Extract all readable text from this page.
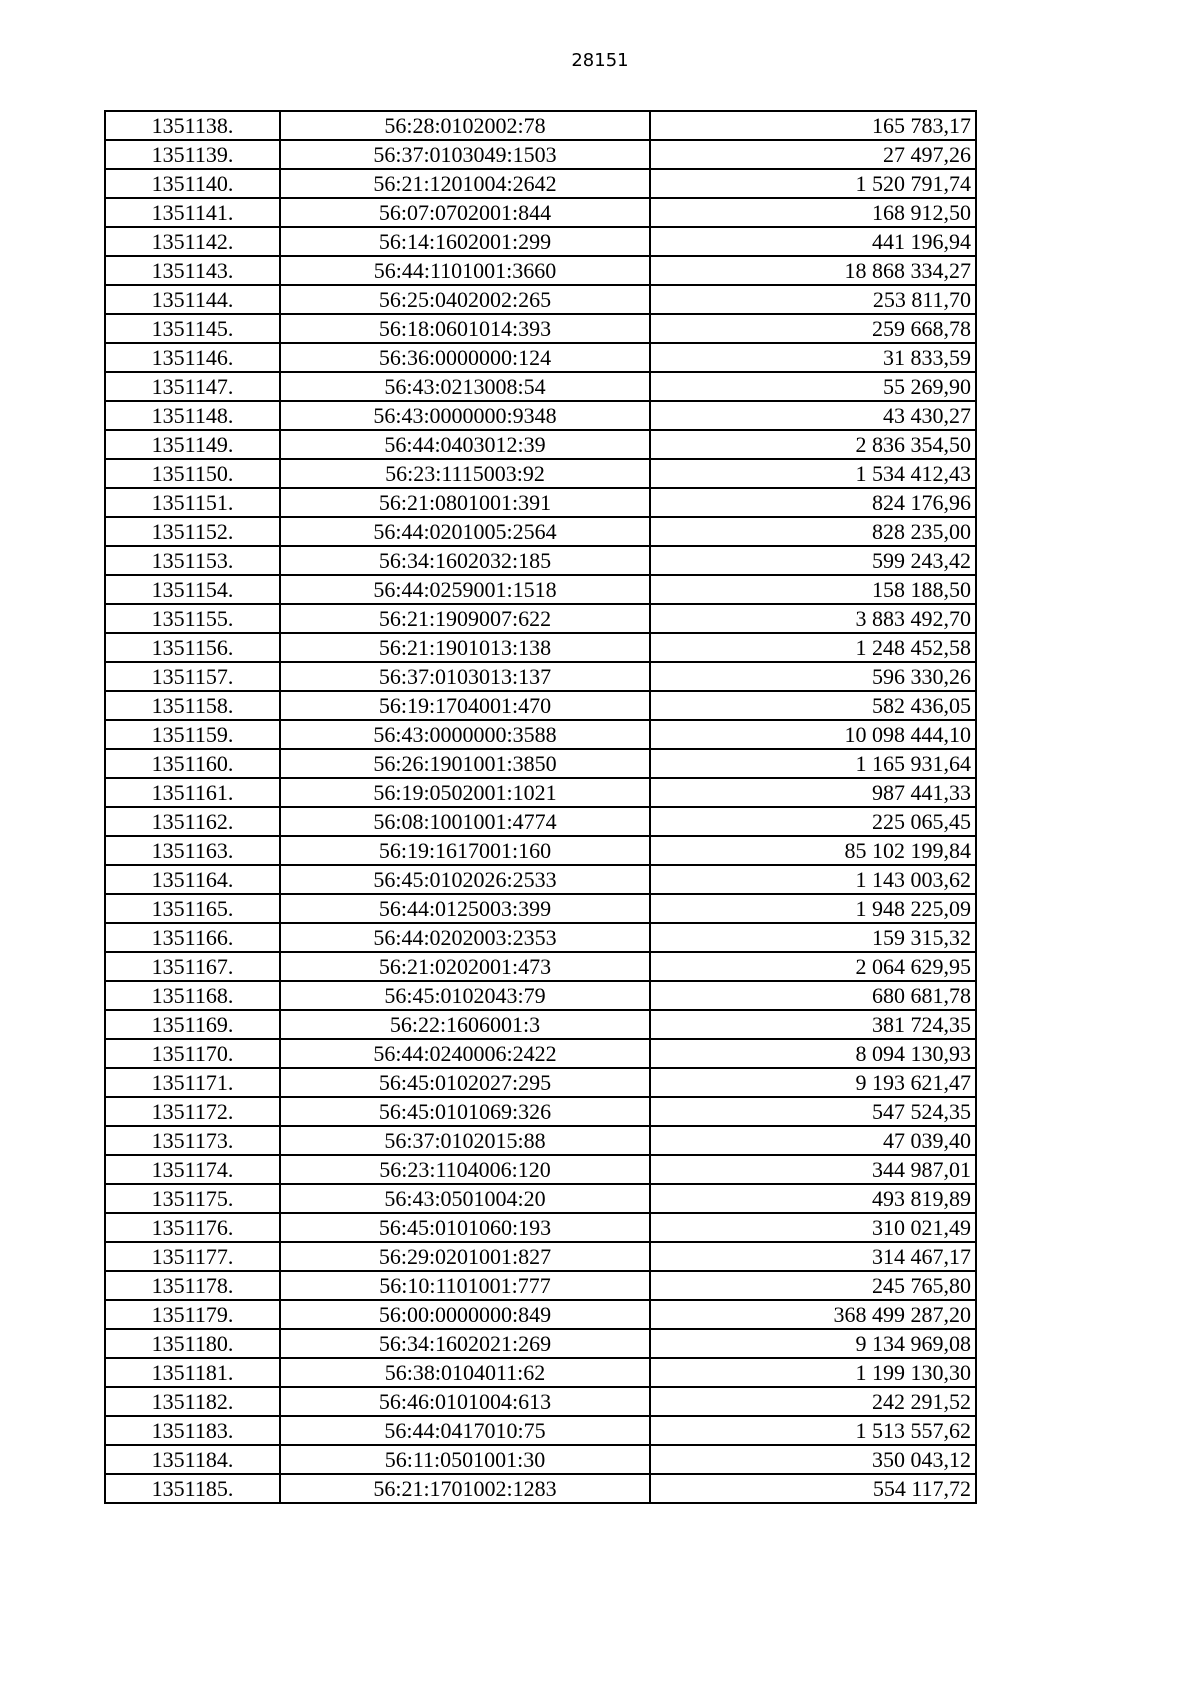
28151
1351138.	56:28:0102002:78	165 783,17
1351139.	56:37:0103049:1503	27 497,26
1351140.	56:21:1201004:2642	1 520 791,74
1351141.	56:07:0702001:844	168 912,50
1351142.	56:14:1602001:299	441 196,94
1351143.	56:44:1101001:3660	18 868 334,27
1351144.	56:25:0402002:265	253 811,70
1351145.	56:18:0601014:393	259 668,78
1351146.	56:36:0000000:124	31 833,59
1351147.	56:43:0213008:54	55 269,90
1351148.	56:43:0000000:9348	43 430,27
1351149.	56:44:0403012:39	2 836 354,50
1351150.	56:23:1115003:92	1 534 412,43
1351151.	56:21:0801001:391	824 176,96
1351152.	56:44:0201005:2564	828 235,00
1351153.	56:34:1602032:185	599 243,42
1351154.	56:44:0259001:1518	158 188,50
1351155.	56:21:1909007:622	3 883 492,70
1351156.	56:21:1901013:138	1 248 452,58
1351157.	56:37:0103013:137	596 330,26
1351158.	56:19:1704001:470	582 436,05
1351159.	56:43:0000000:3588	10 098 444,10
1351160.	56:26:1901001:3850	1 165 931,64
1351161.	56:19:0502001:1021	987 441,33
1351162.	56:08:1001001:4774	225 065,45
1351163.	56:19:1617001:160	85 102 199,84
1351164.	56:45:0102026:2533	1 143 003,62
1351165.	56:44:0125003:399	1 948 225,09
1351166.	56:44:0202003:2353	159 315,32
1351167.	56:21:0202001:473	2 064 629,95
1351168.	56:45:0102043:79	680 681,78
1351169.	56:22:1606001:3	381 724,35
1351170.	56:44:0240006:2422	8 094 130,93
1351171.	56:45:0102027:295	9 193 621,47
1351172.	56:45:0101069:326	547 524,35
1351173.	56:37:0102015:88	47 039,40
1351174.	56:23:1104006:120	344 987,01
1351175.	56:43:0501004:20	493 819,89
1351176.	56:45:0101060:193	310 021,49
1351177.	56:29:0201001:827	314 467,17
1351178.	56:10:1101001:777	245 765,80
1351179.	56:00:0000000:849	368 499 287,20
1351180.	56:34:1602021:269	9 134 969,08
1351181.	56:38:0104011:62	1 199 130,30
1351182.	56:46:0101004:613	242 291,52
1351183.	56:44:0417010:75	1 513 557,62
1351184.	56:11:0501001:30	350 043,12
1351185.	56:21:1701002:1283	554 117,72
